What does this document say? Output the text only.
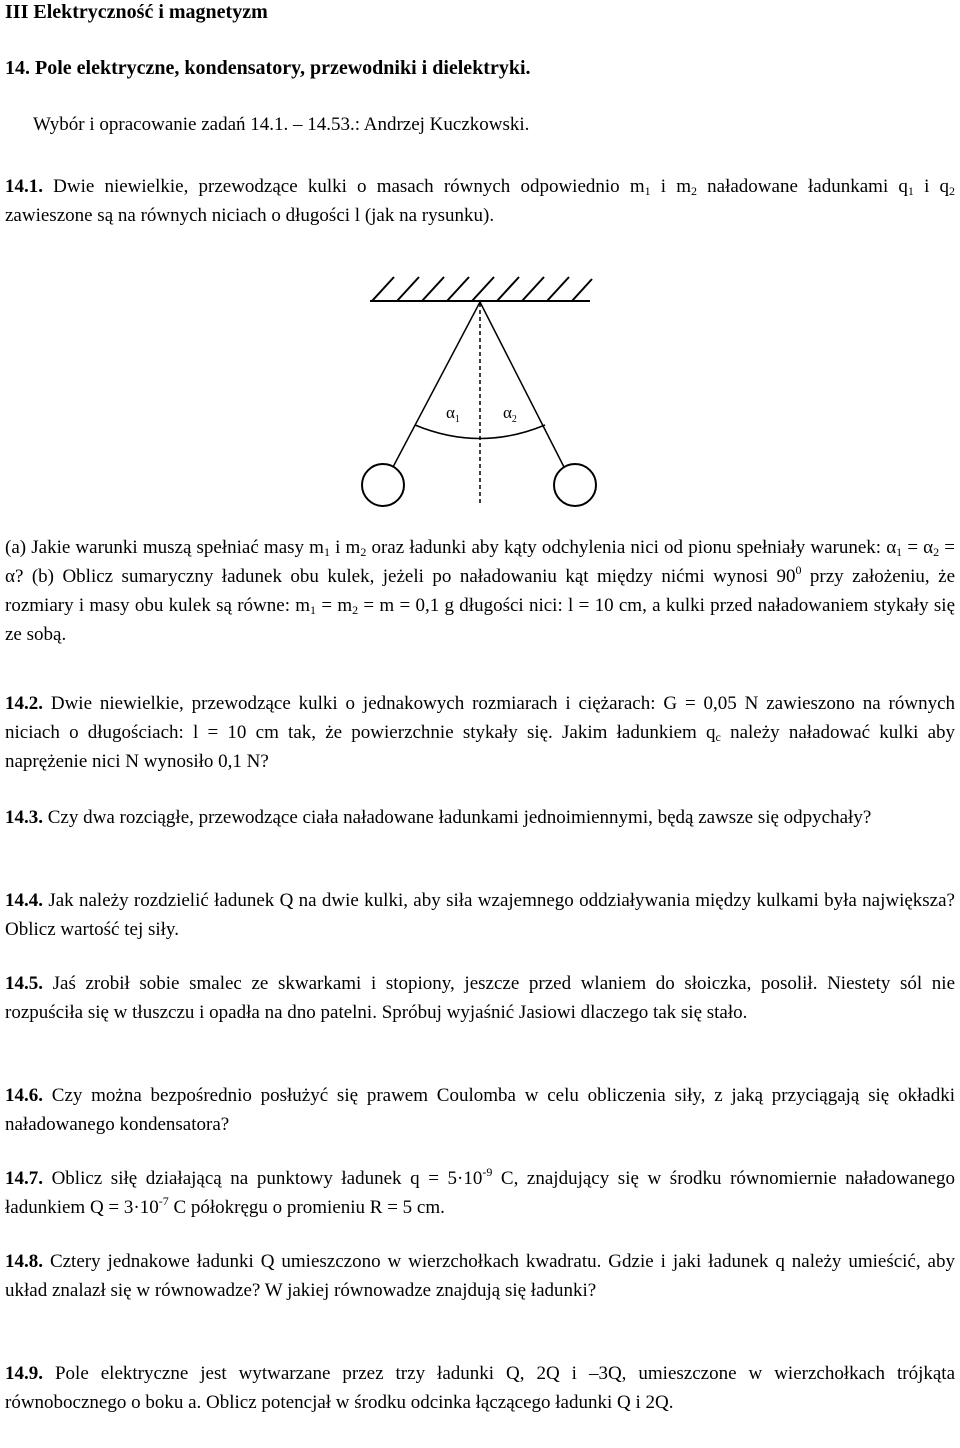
III Elektryczność i magnetyzm
14. Pole elektryczne, kondensatory, przewodniki i dielektryki.
Wybór i opracowanie zadań 14.1. – 14.53.: Andrzej Kuczkowski.
14.1. Dwie niewielkie, przewodzące kulki o masach równych odpowiednio $m_1$ i $m_2$ naładowane ładunkami $q_1$ i $q_2$ zawieszone są na równych niciach o długości l (jak na rysunku).
$\alpha_1$	$\alpha_2$
(a) Jakie warunki muszą spełniać masy $m_1$ i $m_2$ oraz ładunki aby kąty odchylenia nici od pionu spełniały warunek: $\alpha_1 = \alpha_2 = \alpha$? (b) Oblicz sumaryczny ładunek obu kulek, jeżeli po naładowaniu kąt między nićmi wynosi $90^0$ przy założeniu, że rozmiary i masy obu kulek są równe: $m_1 = m_2 = m = 0,1$ g długości nici: l = 10 cm, a kulki przed naładowaniem stykały się ze sobą.
14.2. Dwie niewielkie, przewodzące kulki o jednakowych rozmiarach i ciężarach: G = 0,05 N zawieszono na równych niciach o długościach: l = 10 cm tak, że powierzchnie stykały się. Jakim ładunkiem $q_c$ należy naładować kulki aby naprężenie nici N wynosiło 0,1 N?
14.3. Czy dwa rozciągłe, przewodzące ciała naładowane ładunkami jednoimiennymi, będą zawsze się odpychały?
14.4. Jak należy rozdzielić ładunek Q na dwie kulki, aby siła wzajemnego oddziaływania między kulkami była największa? Oblicz wartość tej siły.
14.5. Jaś zrobił sobie smalec ze skwarkami i stopiony, jeszcze przed wlaniem do słoiczka, posolił. Niestety sól nie rozpuściła się w tłuszczu i opadła na dno patelni. Spróbuj wyjaśnić Jasiowi dlaczego tak się stało.
14.6. Czy można bezpośrednio posłużyć się prawem Coulomba w celu obliczenia siły, z jaką przyciągają się okładki naładowanego kondensatora?
14.7. Oblicz siłę działającą na punktowy ładunek $q = 5\cdot 10^{-9}$ C, znajdujący się w środku równomiernie naładowanego ładunkiem $Q = 3\cdot 10^{-7}$ C półokręgu o promieniu R = 5 cm.
14.8. Cztery jednakowe ładunki Q umieszczono w wierzchołkach kwadratu. Gdzie i jaki ładunek q należy umieścić, aby układ znalazł się w równowadze? W jakiej równowadze znajdują się ładunki?
14.9. Pole elektryczne jest wytwarzane przez trzy ładunki Q, 2Q i –3Q, umieszczone w wierzchołkach trójkąta równobocznego o boku a. Oblicz potencjał w środku odcinka łączącego ładunki Q i 2Q.
